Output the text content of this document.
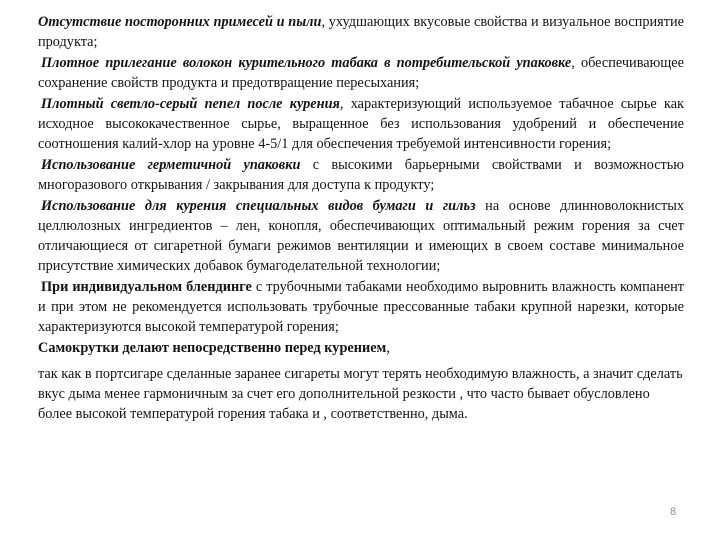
Отсутствие посторонних примесей и пыли, ухудшающих вкусовые свойства и визуальное восприятие продукта;

Плотное прилегание волокон курительного табака в потребительской упаковке, обеспечивающее сохранение свойств продукта и предотвращение пересыхания;

Плотный светло-серый пепел после курения, характеризующий используемое табачное сырье как исходное высококачественное сырье, выращенное без использования удобрений и обеспечение соотношения калий-хлор на уровне 4-5/1 для обеспечения требуемой интенсивности горения;

Использование герметичной упаковки с высокими барьерными свойствами и возможностью многоразового открывания / закрывания для доступа к продукту;

Использование для курения специальных видов бумаги и гильз на основе длинноволокнистых целлюлозных ингредиентов – лен, конопля, обеспечивающих оптимальный режим горения за счет отличающиеся от сигаретной бумаги режимов вентиляции и имеющих в своем составе минимальное присутствие химических добавок бумагоделательной технологии;

При индивидуальном блендинге с трубочными табаками необходимо выровнить влажность компанент и при этом не рекомендуется использовать трубочные прессованные табаки крупной нарезки, которые характеризуются высокой температурой горения;

Самокрутки делают непосредственно перед курением,

так как в портсигаре сделанные заранее сигареты могут терять необходимую влажность, а значит сделать вкус дыма менее гармоничным за счет его дополнительной резкости , что часто бывает обусловлено более высокой температурой горения табака и , соответственно, дыма.

8
